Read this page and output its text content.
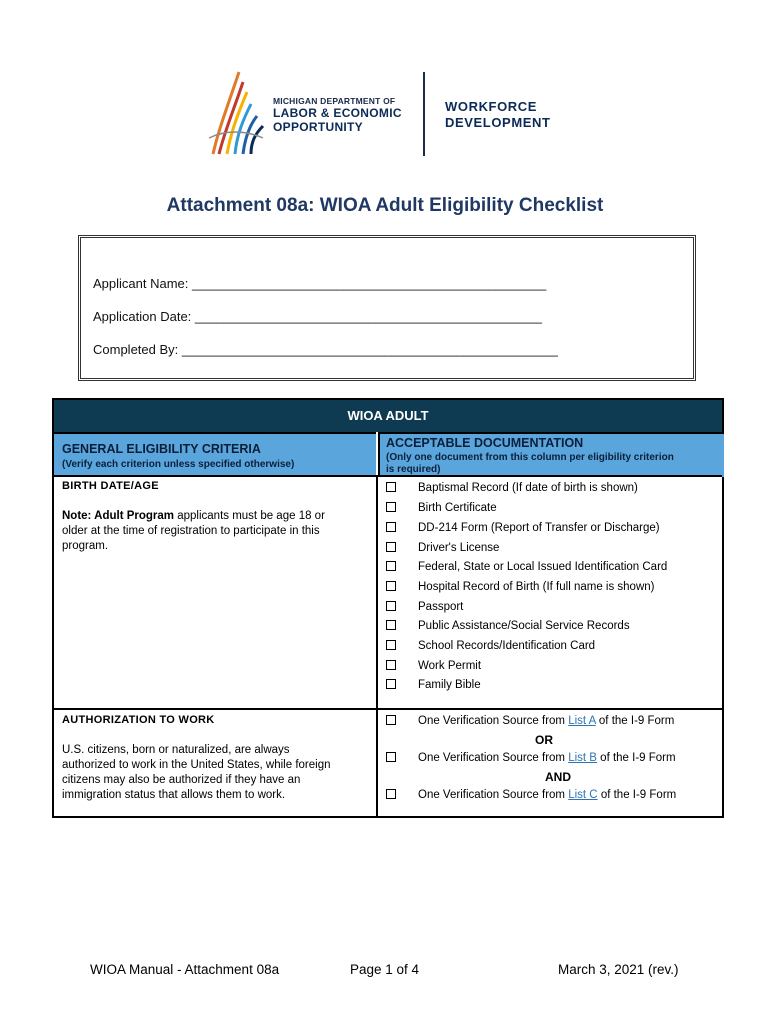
MICHIGAN DEPARTMENT OF
LABOR & ECONOMIC
OPPORTUNITY
WORKFORCE
DEVELOPMENT
Attachment 08a: WIOA Adult Eligibility Checklist
Applicant Name: _________________________________________________
Application Date: ________________________________________________
Completed By: ____________________________________________________
WIOA ADULT
GENERAL ELIGIBILITY CRITERIA
(Verify each criterion unless specified otherwise)
ACCEPTABLE DOCUMENTATION
(Only one document from this column per eligibility criterion
is required)
BIRTH DATE/AGE
Note: Adult Program applicants must be age 18 or
older at the time of registration to participate in this
program.
Baptismal Record (If date of birth is shown)
Birth Certificate
DD-214 Form (Report of Transfer or Discharge)
Driver's License
Federal, State or Local Issued Identification Card
Hospital Record of Birth (If full name is shown)
Passport
Public Assistance/Social Service Records
School Records/Identification Card
Work Permit
Family Bible
AUTHORIZATION TO WORK
U.S. citizens, born or naturalized, are always
authorized to work in the United States, while foreign
citizens may also be authorized if they have an
immigration status that allows them to work.
One Verification Source from List A of the I-9 Form
OR
One Verification Source from List B of the I-9 Form
AND
One Verification Source from List C of the I-9 Form
WIOA Manual - Attachment 08a	Page 1 of 4	March 3, 2021 (rev.)
